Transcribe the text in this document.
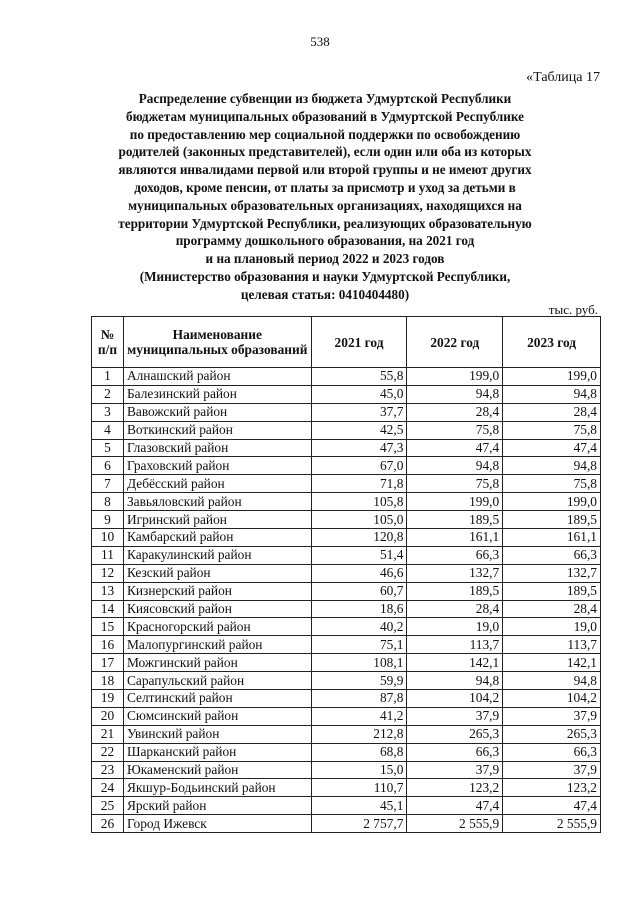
538
«Таблица 17
Распределение субвенции из бюджета Удмуртской Республики
бюджетам муниципальных образований в Удмуртской Республике
по предоставлению мер социальной поддержки по освобождению
родителей (законных представителей), если один или оба из которых
являются инвалидами первой или второй группы и не имеют других
доходов, кроме пенсии, от платы за присмотр и уход за детьми в
муниципальных образовательных организациях, находящихся на
территории Удмуртской Республики, реализующих образовательную
программу дошкольного образования, на 2021 год
и на плановый период 2022 и 2023 годов
(Министерство образования и науки Удмуртской Республики,
целевая статья: 0410404480)
тыс. руб.
№ п/п	Наименование муниципальных образований	2021 год	2022 год	2023 год
1	Алнашский район	55,8	199,0	199,0
2	Балезинский район	45,0	94,8	94,8
3	Вавожский район	37,7	28,4	28,4
4	Воткинский район	42,5	75,8	75,8
5	Глазовский район	47,3	47,4	47,4
6	Граховский район	67,0	94,8	94,8
7	Дебёсский район	71,8	75,8	75,8
8	Завьяловский район	105,8	199,0	199,0
9	Игринский район	105,0	189,5	189,5
10	Камбарский район	120,8	161,1	161,1
11	Каракулинский район	51,4	66,3	66,3
12	Кезский район	46,6	132,7	132,7
13	Кизнерский район	60,7	189,5	189,5
14	Киясовский район	18,6	28,4	28,4
15	Красногорский район	40,2	19,0	19,0
16	Малопургинский район	75,1	113,7	113,7
17	Можгинский район	108,1	142,1	142,1
18	Сарапульский район	59,9	94,8	94,8
19	Селтинский район	87,8	104,2	104,2
20	Сюмсинский район	41,2	37,9	37,9
21	Увинский район	212,8	265,3	265,3
22	Шарканский район	68,8	66,3	66,3
23	Юкаменский район	15,0	37,9	37,9
24	Якшур-Бодьинский район	110,7	123,2	123,2
25	Ярский район	45,1	47,4	47,4
26	Город Ижевск	2 757,7	2 555,9	2 555,9
